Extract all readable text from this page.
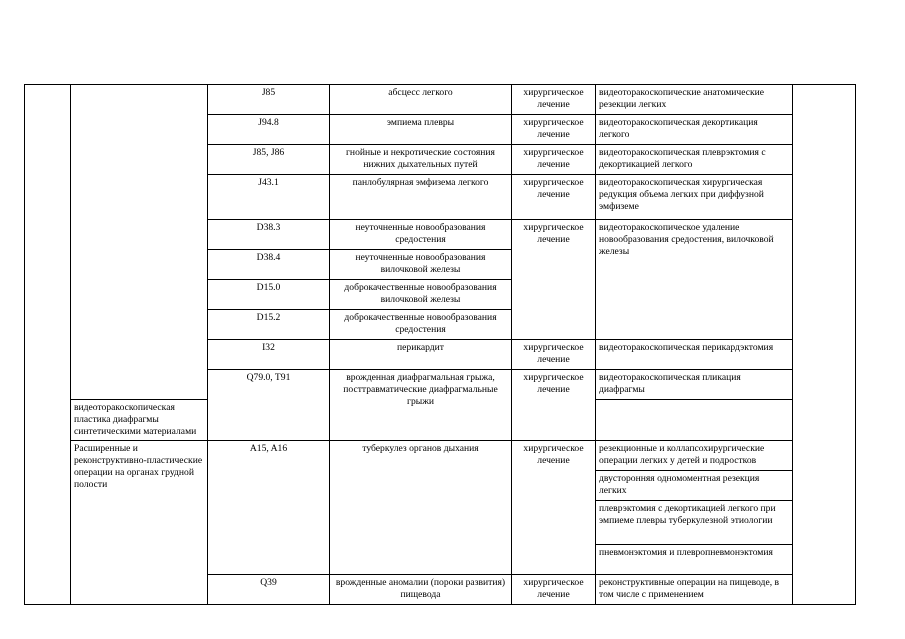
		J85	абсцесс легкого	хирургическое лечение	видеоторакоскопические анатомические резекции легких	
		J94.8	эмпиема плевры	хирургическое лечение	видеоторакоскопическая декортикация легкого	
		J85, J86	гнойные и некротические состояния нижних дыхательных путей	хирургическое лечение	видеоторакоскопическая плеврэктомия с декортикацией легкого	
		J43.1	панлобулярная эмфизема легкого	хирургическое лечение	видеоторакоскопическая хирургическая редукция объема легких при диффузной эмфиземе	
		D38.3	неуточненные новообразования средостения	хирургическое лечение	видеоторакоскопическое удаление новообразования средостения, вилочковой железы	
		D38.4	неуточненные новообразования вилочковой железы			
		D15.0	доброкачественные новообразования вилочковой железы			
		D15.2	доброкачественные новообразования средостения			
		I32	перикардит	хирургическое лечение	видеоторакоскопическая перикардэктомия	
		Q79.0, T91	врожденная диафрагмальная грыжа, посттравматические диафрагмальные грыжи	хирургическое лечение	видеоторакоскопическая пликация диафрагмы	
	видеоторакоскопическая пластика диафрагмы синтетическими материалами					
	Расширенные и реконструктивно-пластические операции на органах грудной полости	A15, A16	туберкулез органов дыхания	хирургическое лечение	резекционные и коллапсохирургические операции легких у детей и подростков	
					двусторонняя одномоментная резекция легких	
					плеврэктомия с декортикацией легкого при эмпиеме плевры туберкулезной этиологии	
					пневмонэктомия и плевропневмонэктомия	
		Q39	врожденные аномалии (пороки развития) пищевода	хирургическое лечение	реконструктивные операции на пищеводе, в том числе с применением	
